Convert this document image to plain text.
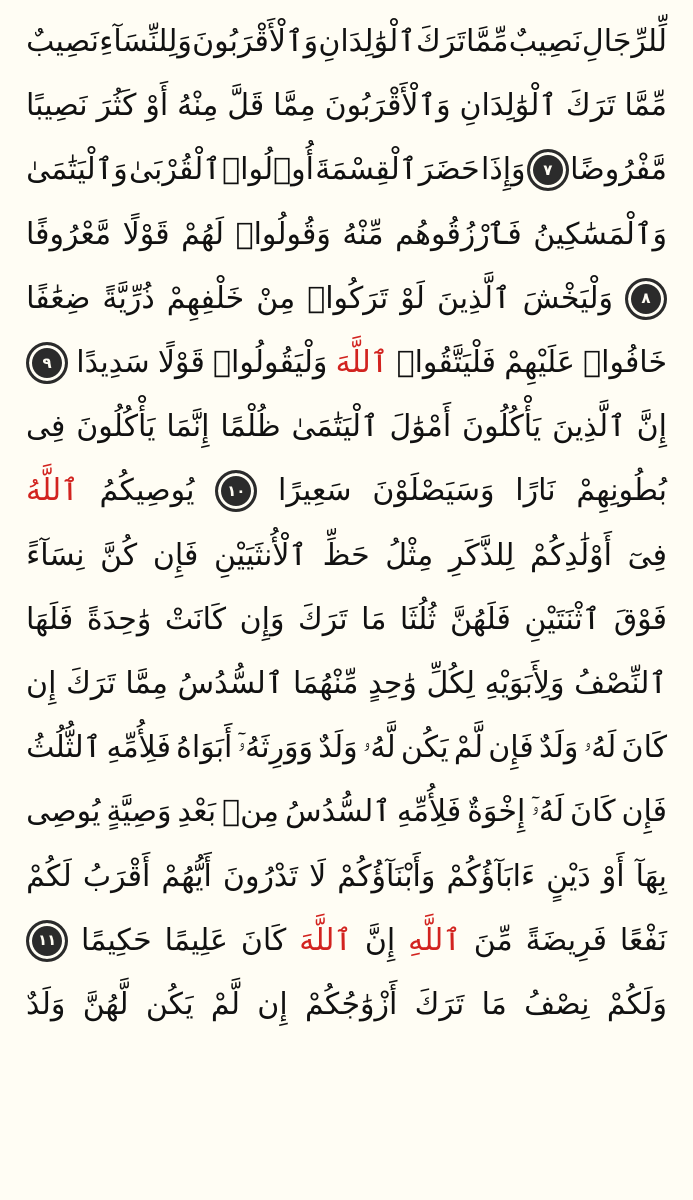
لِّلرِّجَالِ
نَصِيبٌ
مِّمَّا
تَرَكَ
ٱلْوَٰلِدَانِ
وَٱلْأَقْرَبُونَ
وَلِلنِّسَآءِ
نَصِيبٌ
مِّمَّا
تَرَكَ
ٱلْوَٰلِدَانِ
وَٱلْأَقْرَبُونَ
مِمَّا
قَلَّ
مِنْهُ
أَوْ
كَثُرَ
نَصِيبًا
مَّفْرُوضًا
٧
وَإِذَا
حَضَرَ
ٱلْقِسْمَةَ
أُو۟لُوا۟
ٱلْقُرْبَىٰ
وَٱلْيَتَٰمَىٰ
وَٱلْمَسَٰكِينُ
فَٱرْزُقُوهُم
مِّنْهُ
وَقُولُوا۟
لَهُمْ
قَوْلًا
مَّعْرُوفًا
٨
وَلْيَخْشَ
ٱلَّذِينَ
لَوْ
تَرَكُوا۟
مِنْ
خَلْفِهِمْ
ذُرِّيَّةً
ضِعَٰفًا
خَافُوا۟
عَلَيْهِمْ
فَلْيَتَّقُوا۟
ٱللَّهَ
وَلْيَقُولُوا۟
قَوْلًا
سَدِيدًا
٩
إِنَّ
ٱلَّذِينَ
يَأْكُلُونَ
أَمْوَٰلَ
ٱلْيَتَٰمَىٰ
ظُلْمًا
إِنَّمَا
يَأْكُلُونَ
فِى
بُطُونِهِمْ
نَارًا
وَسَيَصْلَوْنَ
سَعِيرًا
١٠
يُوصِيكُمُ
ٱللَّهُ
فِىٓ
أَوْلَٰدِكُمْ
لِلذَّكَرِ
مِثْلُ
حَظِّ
ٱلْأُنثَيَيْنِ
فَإِن
كُنَّ
نِسَآءً
فَوْقَ
ٱثْنَتَيْنِ
فَلَهُنَّ
ثُلُثَا
مَا
تَرَكَ
وَإِن
كَانَتْ
وَٰحِدَةً
فَلَهَا
ٱلنِّصْفُ
وَلِأَبَوَيْهِ
لِكُلِّ
وَٰحِدٍ
مِّنْهُمَا
ٱلسُّدُسُ
مِمَّا
تَرَكَ
إِن
كَانَ
لَهُۥ
وَلَدٌ
فَإِن
لَّمْ
يَكُن
لَّهُۥ
وَلَدٌ
وَوَرِثَهُۥٓ
أَبَوَاهُ
فَلِأُمِّهِ
ٱلثُّلُثُ
فَإِن
كَانَ
لَهُۥٓ
إِخْوَةٌ
فَلِأُمِّهِ
ٱلسُّدُسُ
مِنۢ
بَعْدِ
وَصِيَّةٍ
يُوصِى
بِهَآ
أَوْ
دَيْنٍ
ءَابَآؤُكُمْ
وَأَبْنَآؤُكُمْ
لَا
تَدْرُونَ
أَيُّهُمْ
أَقْرَبُ
لَكُمْ
نَفْعًا
فَرِيضَةً
مِّنَ
ٱللَّهِ
إِنَّ
ٱللَّهَ
كَانَ
عَلِيمًا
حَكِيمًا
١١
وَلَكُمْ
نِصْفُ
مَا
تَرَكَ
أَزْوَٰجُكُمْ
إِن
لَّمْ
يَكُن
لَّهُنَّ
وَلَدٌ
